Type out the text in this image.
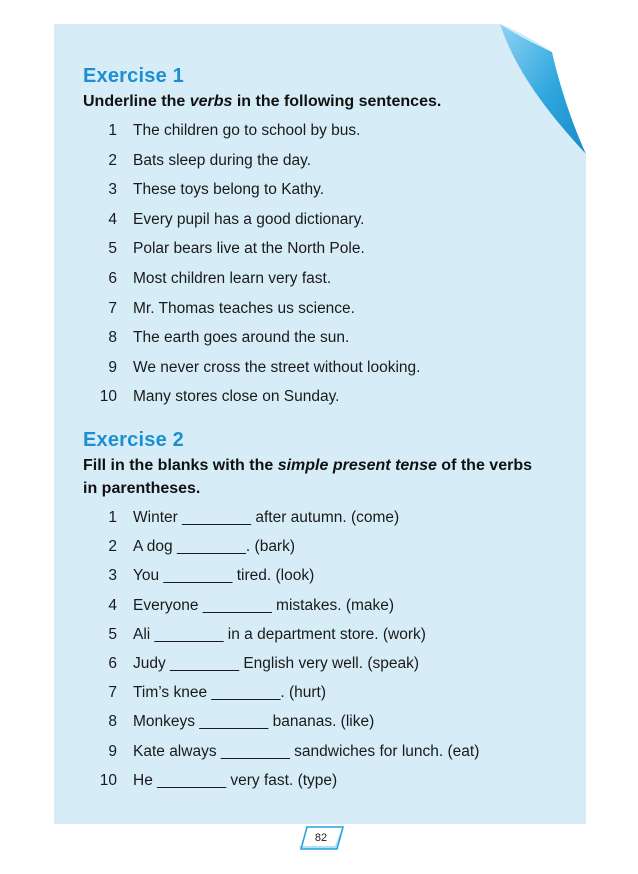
Exercise 1
Underline the verbs in the following sentences.
1	The children go to school by bus.
2	Bats sleep during the day.
3	These toys belong to Kathy.
4	Every pupil has a good dictionary.
5	Polar bears live at the North Pole.
6	Most children learn very fast.
7	Mr. Thomas teaches us science.
8	The earth goes around the sun.
9	We never cross the street without looking.
10	Many stores close on Sunday.
Exercise 2
Fill in the blanks with the simple present tense of the verbs in parentheses.
1	Winter ________ after autumn. (come)
2	A dog ________. (bark)
3	You ________ tired. (look)
4	Everyone ________ mistakes. (make)
5	Ali ________ in a department store. (work)
6	Judy ________ English very well. (speak)
7	Tim’s knee ________. (hurt)
8	Monkeys ________ bananas. (like)
9	Kate always ________ sandwiches for lunch. (eat)
10	He ________ very fast. (type)
82
